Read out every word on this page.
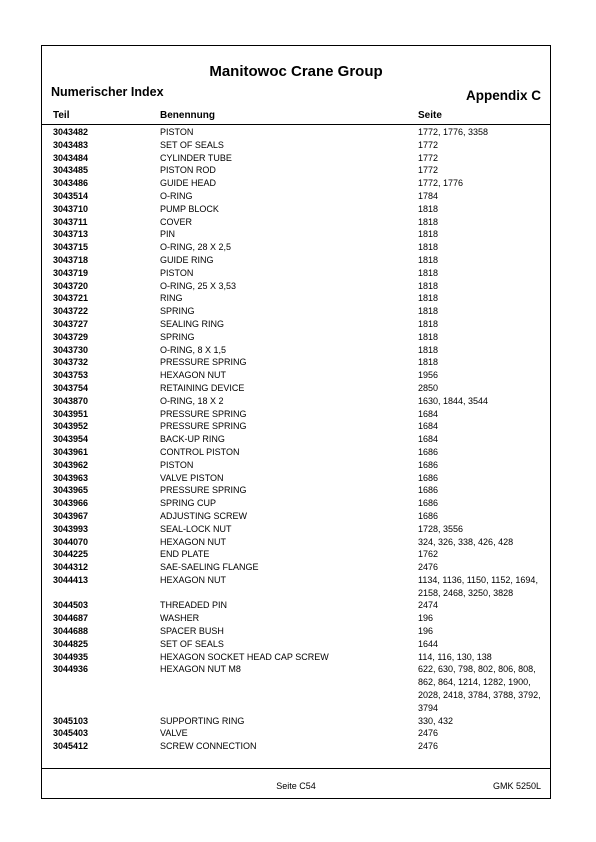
Manitowoc Crane Group
Numerischer Index	Appendix C
Teil	Benennung	Seite
3043482	PISTON	1772, 1776, 3358
3043483	SET OF SEALS	1772
3043484	CYLINDER TUBE	1772
3043485	PISTON ROD	1772
3043486	GUIDE HEAD	1772, 1776
3043514	O-RING	1784
3043710	PUMP BLOCK	1818
3043711	COVER	1818
3043713	PIN	1818
3043715	O-RING, 28 X 2,5	1818
3043718	GUIDE RING	1818
3043719	PISTON	1818
3043720	O-RING, 25 X 3,53	1818
3043721	RING	1818
3043722	SPRING	1818
3043727	SEALING RING	1818
3043729	SPRING	1818
3043730	O-RING, 8 X 1,5	1818
3043732	PRESSURE SPRING	1818
3043753	HEXAGON NUT	1956
3043754	RETAINING DEVICE	2850
3043870	O-RING, 18 X 2	1630, 1844, 3544
3043951	PRESSURE SPRING	1684
3043952	PRESSURE SPRING	1684
3043954	BACK-UP RING	1684
3043961	CONTROL PISTON	1686
3043962	PISTON	1686
3043963	VALVE PISTON	1686
3043965	PRESSURE SPRING	1686
3043966	SPRING CUP	1686
3043967	ADJUSTING SCREW	1686
3043993	SEAL-LOCK NUT	1728, 3556
3044070	HEXAGON NUT	324, 326, 338, 426, 428
3044225	END PLATE	1762
3044312	SAE-SAELING FLANGE	2476
3044413	HEXAGON NUT	1134, 1136, 1150, 1152, 1694, 2158, 2468, 3250, 3828
3044503	THREADED PIN	2474
3044687	WASHER	196
3044688	SPACER BUSH	196
3044825	SET OF SEALS	1644
3044935	HEXAGON SOCKET HEAD CAP SCREW	114, 116, 130, 138
3044936	HEXAGON NUT M8	622, 630, 798, 802, 806, 808, 862, 864, 1214, 1282, 1900, 2028, 2418, 3784, 3788, 3792, 3794
3045103	SUPPORTING RING	330, 432
3045403	VALVE	2476
3045412	SCREW CONNECTION	2476
Seite C54	GMK 5250L
